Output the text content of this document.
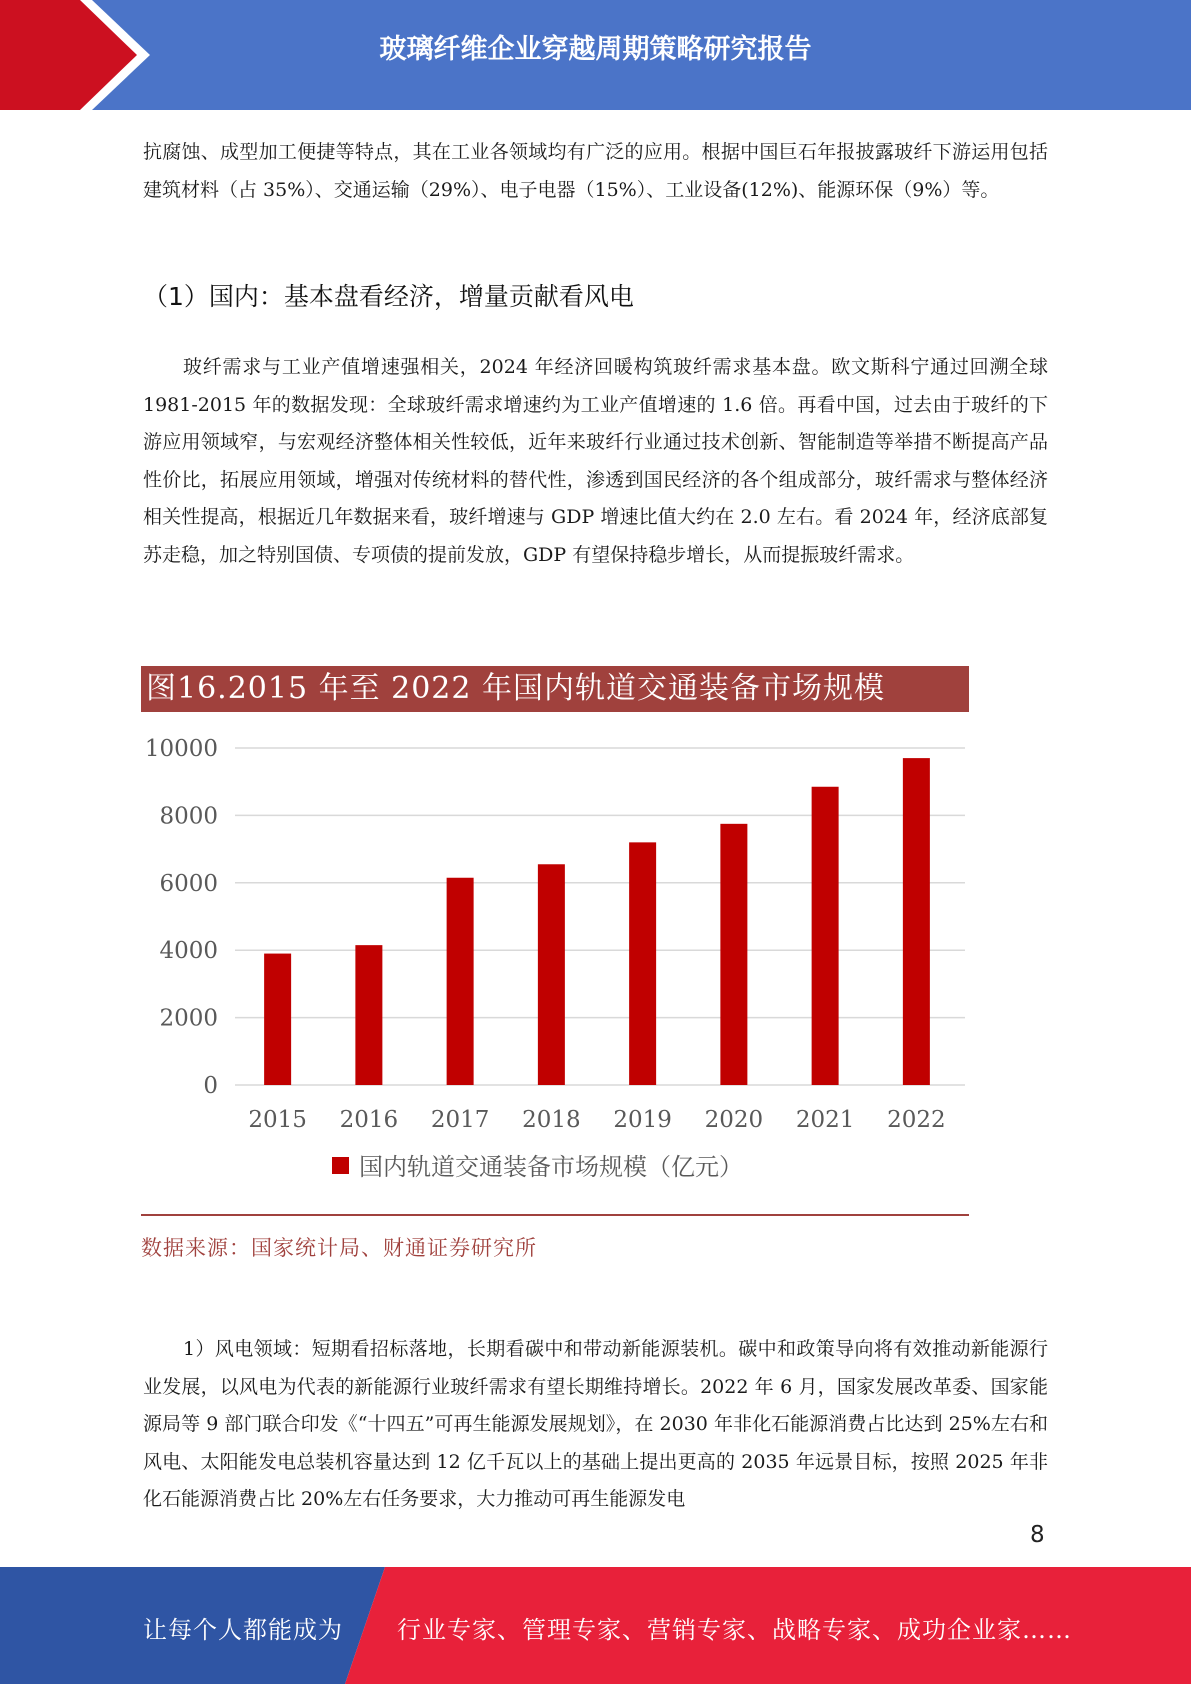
玻璃纤维企业穿越周期策略研究报告

抗腐蚀、成型加工便捷等特点，其在工业各领域均有广泛的应用。根据中国巨石年报披露玻纤下游运用包括建筑材料（占 35%）、交通运输（29%）、电子电器（15%）、工业设备(12%)、能源环保（9%）等。

（1）国内：基本盘看经济，增量贡献看风电

玻纤需求与工业产值增速强相关，2024 年经济回暖构筑玻纤需求基本盘。欧文斯科宁通过回溯全球 1981-2015 年的数据发现：全球玻纤需求增速约为工业产值增速的 1.6 倍。再看中国，过去由于玻纤的下游应用领域窄，与宏观经济整体相关性较低，近年来玻纤行业通过技术创新、智能制造等举措不断提高产品性价比，拓展应用领域，增强对传统材料的替代性，渗透到国民经济的各个组成部分，玻纤需求与整体经济相关性提高，根据近几年数据来看，玻纤增速与 GDP 增速比值大约在 2.0 左右。看 2024 年，经济底部复苏走稳，加之特别国债、专项债的提前发放，GDP 有望保持稳步增长，从而提振玻纤需求。

图16.2015 年至 2022 年国内轨道交通装备市场规模
0
2000
4000
6000
8000
10000
2015 2016 2017 2018 2019 2020 2021 2022
国内轨道交通装备市场规模（亿元）
数据来源：国家统计局、财通证券研究所

1）风电领域：短期看招标落地，长期看碳中和带动新能源装机。碳中和政策导向将有效推动新能源行业发展，以风电为代表的新能源行业玻纤需求有望长期维持增长。2022 年 6 月，国家发展改革委、国家能源局等 9 部门联合印发《“十四五”可再生能源发展规划》，在 2030 年非化石能源消费占比达到 25%左右和风电、太阳能发电总装机容量达到 12 亿千瓦以上的基础上提出更高的 2035 年远景目标，按照 2025 年非化石能源消费占比 20%左右任务要求，大力推动可再生能源发电

8
让每个人都能成为 行业专家、管理专家、营销专家、战略专家、成功企业家……
